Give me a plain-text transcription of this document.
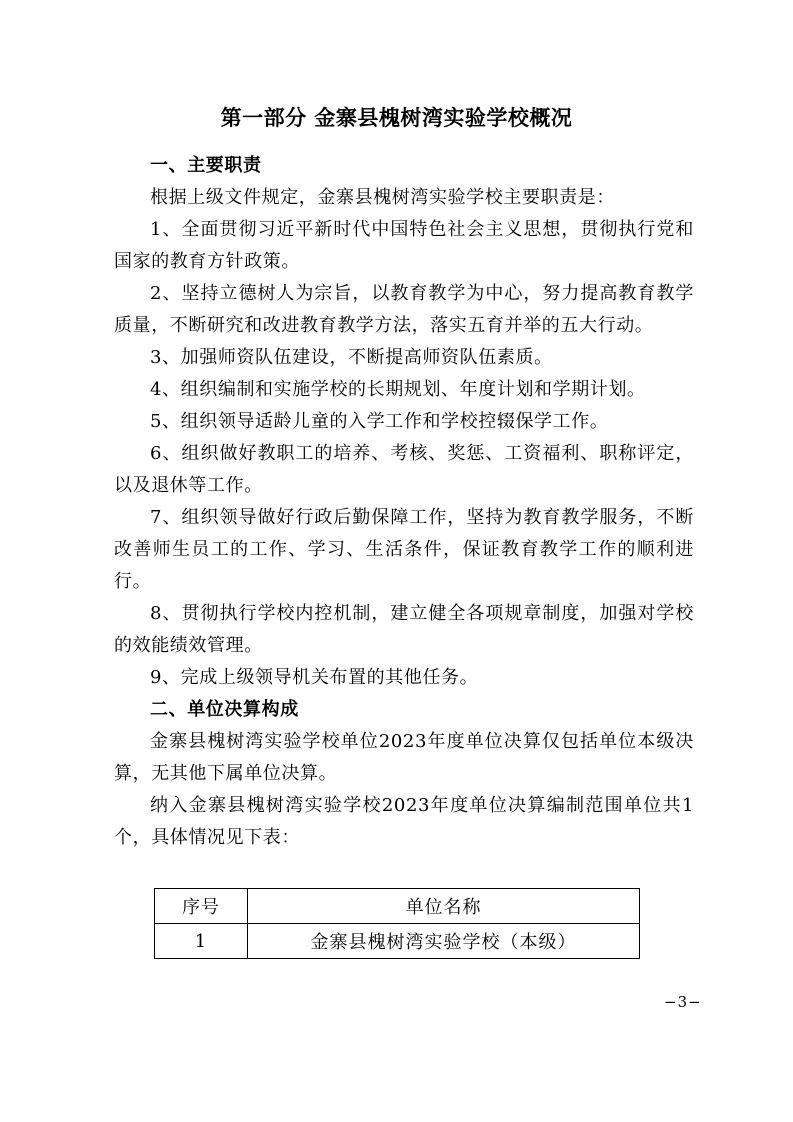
第一部分 金寨县槐树湾实验学校概况

一、主要职责

根据上级文件规定，金寨县槐树湾实验学校主要职责是：

1、全面贯彻习近平新时代中国特色社会主义思想，贯彻执行党和国家的教育方针政策。

2、坚持立德树人为宗旨，以教育教学为中心，努力提高教育教学质量，不断研究和改进教育教学方法，落实五育并举的五大行动。

3、加强师资队伍建设，不断提高师资队伍素质。

4、组织编制和实施学校的长期规划、年度计划和学期计划。

5、组织领导适龄儿童的入学工作和学校控辍保学工作。

6、组织做好教职工的培养、考核、奖惩、工资福利、职称评定，以及退休等工作。

7、组织领导做好行政后勤保障工作，坚持为教育教学服务，不断改善师生员工的工作、学习、生活条件，保证教育教学工作的顺利进行。

8、贯彻执行学校内控机制，建立健全各项规章制度，加强对学校的效能绩效管理。

9、完成上级领导机关布置的其他任务。

二、单位决算构成

金寨县槐树湾实验学校单位2023年度单位决算仅包括单位本级决算，无其他下属单位决算。

纳入金寨县槐树湾实验学校2023年度单位决算编制范围单位共1个，具体情况见下表：

序号	单位名称
1	金寨县槐树湾实验学校（本级）
−3−
